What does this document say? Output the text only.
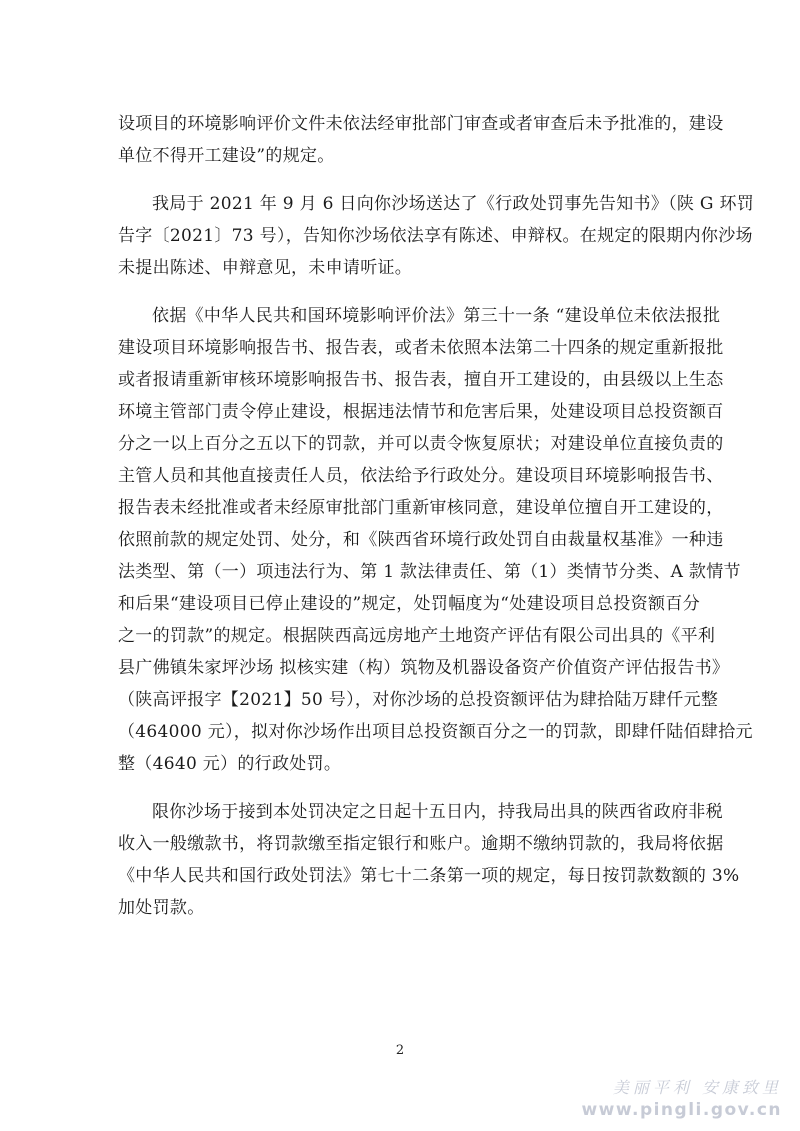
设项目的环境影响评价文件未依法经审批部门审查或者审查后未予批准的，建设
单位不得开工建设”的规定。
我局于 2021 年 9 月 6 日向你沙场送达了《行政处罚事先告知书》（陕 G 环罚
告字〔2021〕73 号），告知你沙场依法享有陈述、申辩权。在规定的限期内你沙场
未提出陈述、申辩意见，未申请听证。
依据《中华人民共和国环境影响评价法》第三十一条 “建设单位未依法报批
建设项目环境影响报告书、报告表，或者未依照本法第二十四条的规定重新报批
或者报请重新审核环境影响报告书、报告表，擅自开工建设的，由县级以上生态
环境主管部门责令停止建设，根据违法情节和危害后果，处建设项目总投资额百
分之一以上百分之五以下的罚款，并可以责令恢复原状；对建设单位直接负责的
主管人员和其他直接责任人员，依法给予行政处分。建设项目环境影响报告书、
报告表未经批准或者未经原审批部门重新审核同意，建设单位擅自开工建设的，
依照前款的规定处罚、处分，和《陕西省环境行政处罚自由裁量权基准》一种违
法类型、第（一）项违法行为、第 1 款法律责任、第（1）类情节分类、A 款情节
和后果“建设项目已停止建设的”规定，处罚幅度为“处建设项目总投资额百分
之一的罚款”的规定。根据陕西高远房地产土地资产评估有限公司出具的《平利
县广佛镇朱家坪沙场 拟核实建（构）筑物及机器设备资产价值资产评估报告书》
（陕高评报字【2021】50 号），对你沙场的总投资额评估为肆拾陆万肆仟元整
（464000 元），拟对你沙场作出项目总投资额百分之一的罚款，即肆仟陆佰肆拾元
整（4640 元）的行政处罚。
限你沙场于接到本处罚决定之日起十五日内，持我局出具的陕西省政府非税
收入一般缴款书，将罚款缴至指定银行和账户。逾期不缴纳罚款的，我局将依据
《中华人民共和国行政处罚法》第七十二条第一项的规定，每日按罚款数额的 3%
加处罚款。
2
美丽平利 安康致里
www.pingli.gov.cn
